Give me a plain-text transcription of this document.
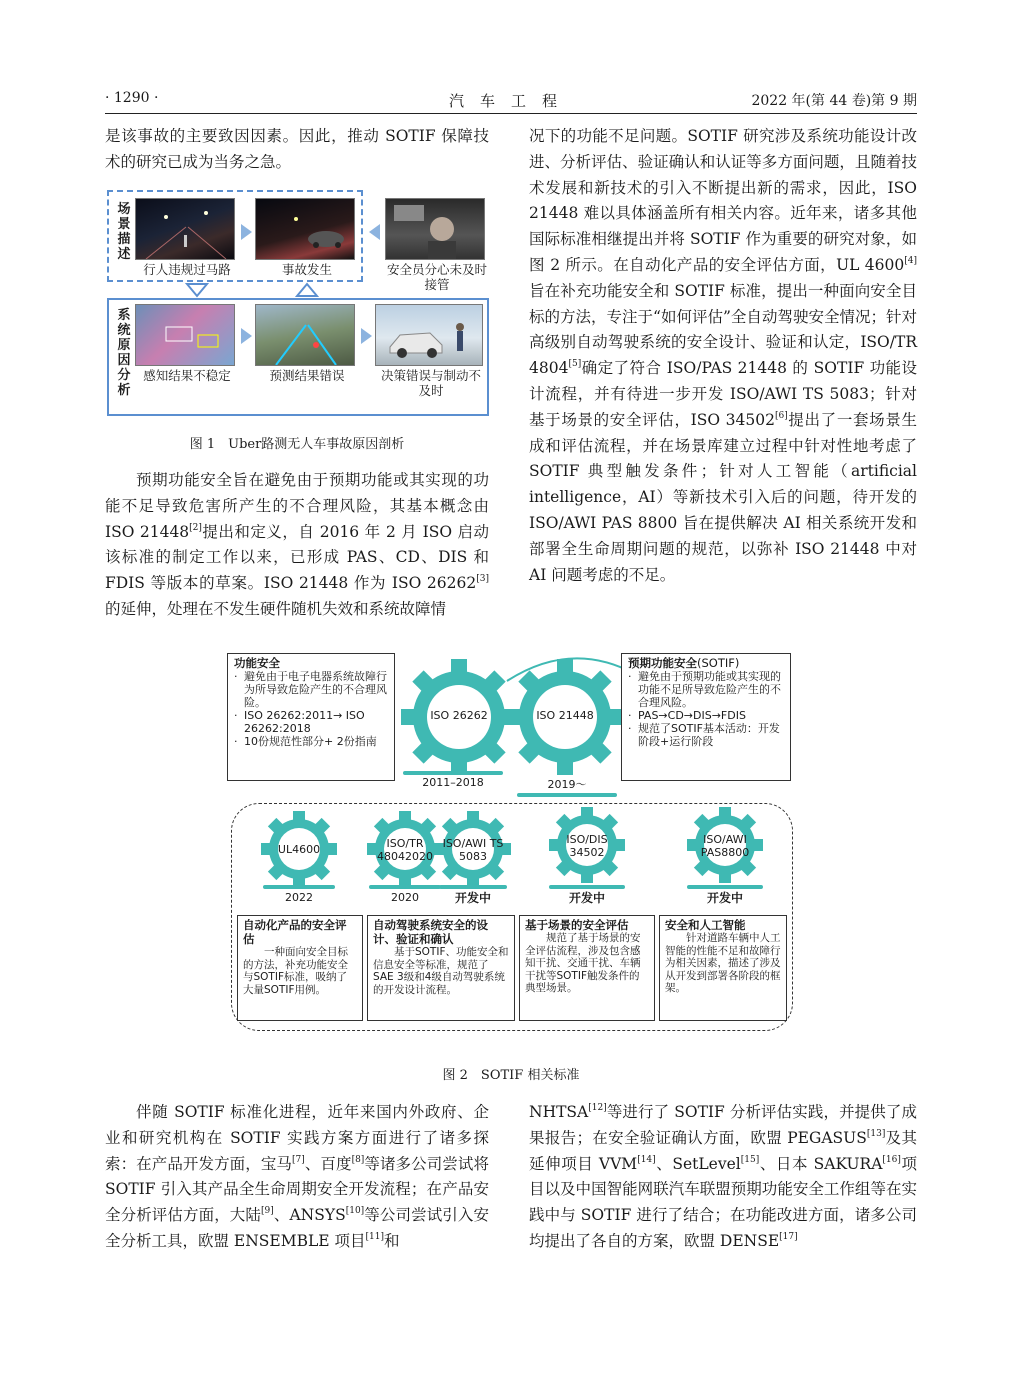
· 1290 ·	汽车工程	2022 年(第 44 卷)第 9 期

是该事故的主要致因因素。因此，推动 SOTIF 保障技术的研究已成为当务之急。

场景描述
系统原因分析
行人违规过马路	事故发生	安全员分心未及时接管
感知结果不稳定	预测结果错误	决策错误与制动不及时
图 1　Uber路测无人车事故原因剖析

预期功能安全旨在避免由于预期功能或其实现的功能不足导致危害所产生的不合理风险，其基本概念由 ISO 21448[2]提出和定义，自 2016 年 2 月 ISO 启动该标准的制定工作以来，已形成 PAS、CD、DIS 和 FDIS 等版本的草案。ISO 21448 作为 ISO 26262[3]的延伸，处理在不发生硬件随机失效和系统故障情

况下的功能不足问题。SOTIF 研究涉及系统功能设计改进、分析评估、验证确认和认证等多方面问题，且随着技术发展和新技术的引入不断提出新的需求，因此，ISO 21448 难以具体涵盖所有相关内容。近年来，诸多其他国际标准相继提出并将 SOTIF 作为重要的研究对象，如图 2 所示。在自动化产品的安全评估方面，UL 4600[4]旨在补充功能安全和 SOTIF 标准，提出一种面向安全目标的方法，专注于“如何评估”全自动驾驶安全情况；针对高级别自动驾驶系统的安全设计、验证和认定，ISO/TR 4804[5]确定了符合 ISO/PAS 21448 的 SOTIF 功能设计流程，并有待进一步开发 ISO/AWI TS 5083；针对基于场景的安全评估，ISO 34502[6]提出了一套场景生成和评估流程，并在场景库建立过程中针对性地考虑了 SOTIF 典型触发条件；针对人工智能（artificial intelligence，AI）等新技术引入后的问题，待开发的 ISO/AWI PAS 8800 旨在提供解决 AI 相关系统开发和部署全生命周期问题的规范，以弥补 ISO 21448 中对 AI 问题考虑的不足。

ISO 26262	ISO 21448
2011–2018	2019～
功能安全
· 避免由于电子电器系统故障行为所导致危险产生的不合理风险。
· ISO 26262:2011→ ISO 26262:2018
· 10份规范性部分+ 2份指南
预期功能安全(SOTIF)
· 避免由于预期功能或其实现的功能不足所导致危险产生的不合理风险。
· PAS→CD→DIS→FDIS
· 规范了SOTIF基本活动：开发阶段+运行阶段
UL4600	ISO/TR 48042020
ISO/AWI TS 5083
ISO/DIS 34502
ISO/AWI PAS8800
2022	2020	开发中	开发中	开发中
自动化产品的安全评估
一种面向安全目标的方法，补充功能安全与SOTIF标准，吸纳了大量SOTIF用例。
自动驾驶系统安全的设计、验证和确认
基于SOTIF、功能安全和信息安全等标准，规范了SAE 3级和4级自动驾驶系统的开发设计流程。
基于场景的安全评估
规范了基于场景的安全评估流程，涉及包含感知干扰、交通干扰、车辆干扰等SOTIF触发条件的典型场景。
安全和人工智能
针对道路车辆中人工智能的性能不足和故障行为相关因素，描述了涉及从开发到部署各阶段的框架。
图 2　SOTIF 相关标准

伴随 SOTIF 标准化进程，近年来国内外政府、企业和研究机构在 SOTIF 实践方案方面进行了诸多探索：在产品开发方面，宝马[7]、百度[8]等诸多公司尝试将 SOTIF 引入其产品全生命周期安全开发流程；在产品安全分析评估方面，大陆[9]、ANSYS[10]等公司尝试引入安全分析工具，欧盟 ENSEMBLE 项目[11]和

NHTSA[12]等进行了 SOTIF 分析评估实践，并提供了成果报告；在安全验证确认方面，欧盟 PEGASUS[13]及其延伸项目 VVM[14]、SetLevel[15]、日本 SAKURA[16]项目以及中国智能网联汽车联盟预期功能安全工作组等在实践中与 SOTIF 进行了结合；在功能改进方面，诸多公司均提出了各自的方案，欧盟 DENSE[17]
